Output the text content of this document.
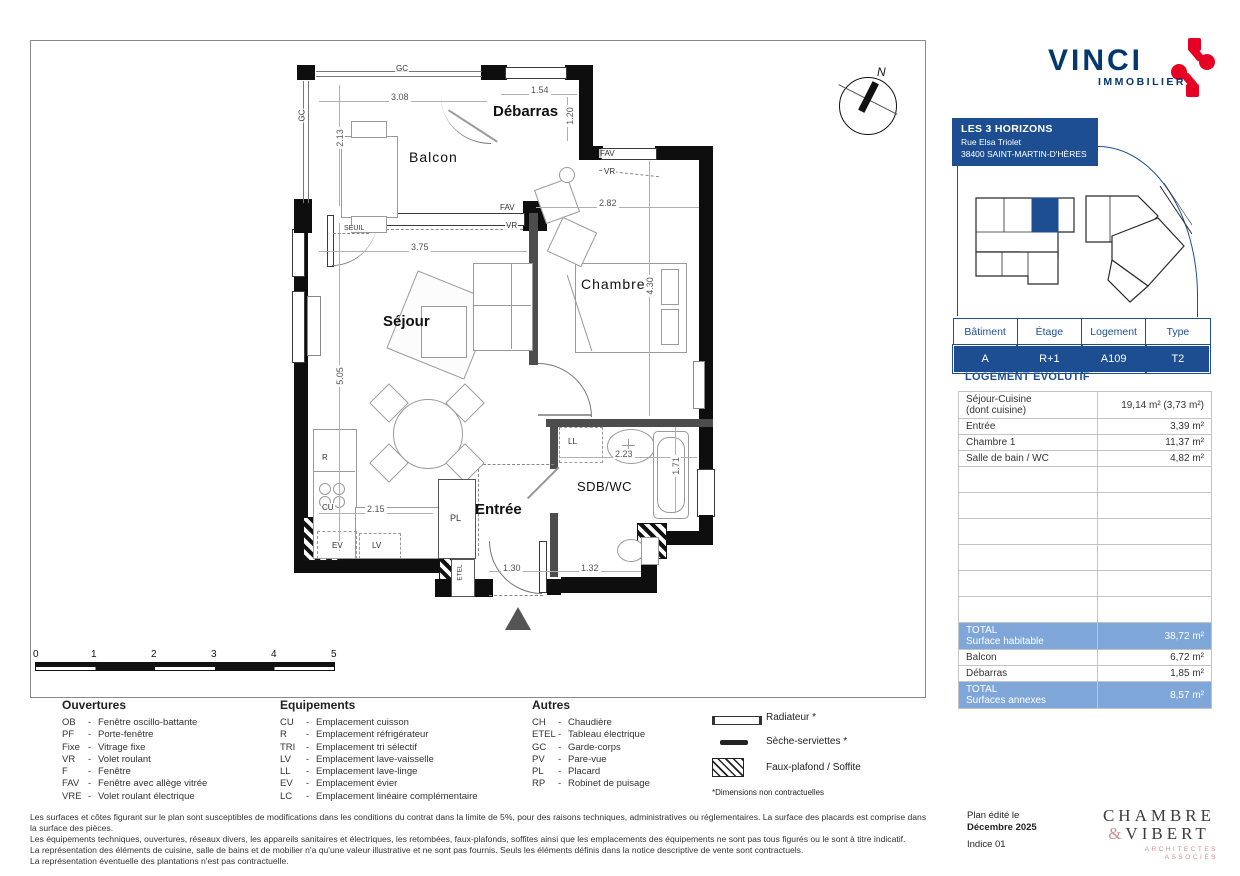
N
3.08
1.54
1.20
2.13
2.82
3.75
4.30
5.05
2.23
1.71
2.15
1.30	1.32
GC
GC
FAV
VR
SEUIL
FAV
VR
R
CU
EV	LV
PL
LL
ETEL
Balcon
Débarras
Chambre
Séjour
Entrée
SDB/WC
0	1	2	3	4	5
Ouvertures
OB - Fenêtre oscillo-battante
PF -	Porte-fenêtre
Fixe - Vitrage fixe
VR - Volet roulant
F -	Fenêtre
FAV - Fenêtre avec allège vitrée
VRE - Volet roulant électrique
Equipements
CU - Emplacement cuisson
R -	Emplacement réfrigérateur
TRI - Emplacement tri sélectif
LV -	Emplacement lave-vaisselle
LL -	Emplacement lave-linge
EV - Emplacement évier
LC -	Emplacement linéaire complémentaire
Autres
CH - Chaudière
ETEL - Tableau électrique
GC - Garde-corps
PV - Pare-vue
PL -	Placard
RP - Robinet de puisage
Radiateur *
Sèche-serviettes *
Faux-plafond / Soffite
*Dimensions non contractuelles
Les surfaces et côtes figurant sur le plan sont susceptibles de modifications dans les conditions du contrat dans la limite de 5%, pour des raisons techniques, administratives ou réglementaires. La surface des placards est comprise dans la surface des pièces.
Les équipements techniques, ouvertures, réseaux divers, les appareils sanitaires et électriques, les retombées, faux-plafonds, soffites ainsi que les emplacements des équipements ne sont pas tous figurés ou le sont à titre indicatif.
La représentation des éléments de cuisine, salle de bains et de mobilier n'a qu'une valeur illustrative et ne sont pas fournis. Seuls les éléments définis dans la notice descriptive de vente sont contractuels.
La représentation éventuelle des plantations n'est pas contractuelle.
VINCI
IMMOBILIER
LES 3 HORIZONS
Rue Elsa Triolet
38400 SAINT-MARTIN-D'HÈRES
Bâtiment	Étage	Logement	Type
A	R+1	A109	T2
LOGEMENT ÉVOLUTIF
Séjour-Cuisine
(dont cuisine)	19,14 m² (3,73 m²)
Entrée	3,39 m²
Chambre 1	11,37 m²
Salle de bain / WC	4,82 m²

TOTAL
Surface habitable	38,72 m²
Balcon	6,72 m²
Débarras	1,85 m²

TOTAL
Surfaces annexes	8,57 m²
Plan édité le
Décembre 2025
Indice 01
CHAMBRE
&VIBERT
ARCHITECTES
ASSOCIÉS
